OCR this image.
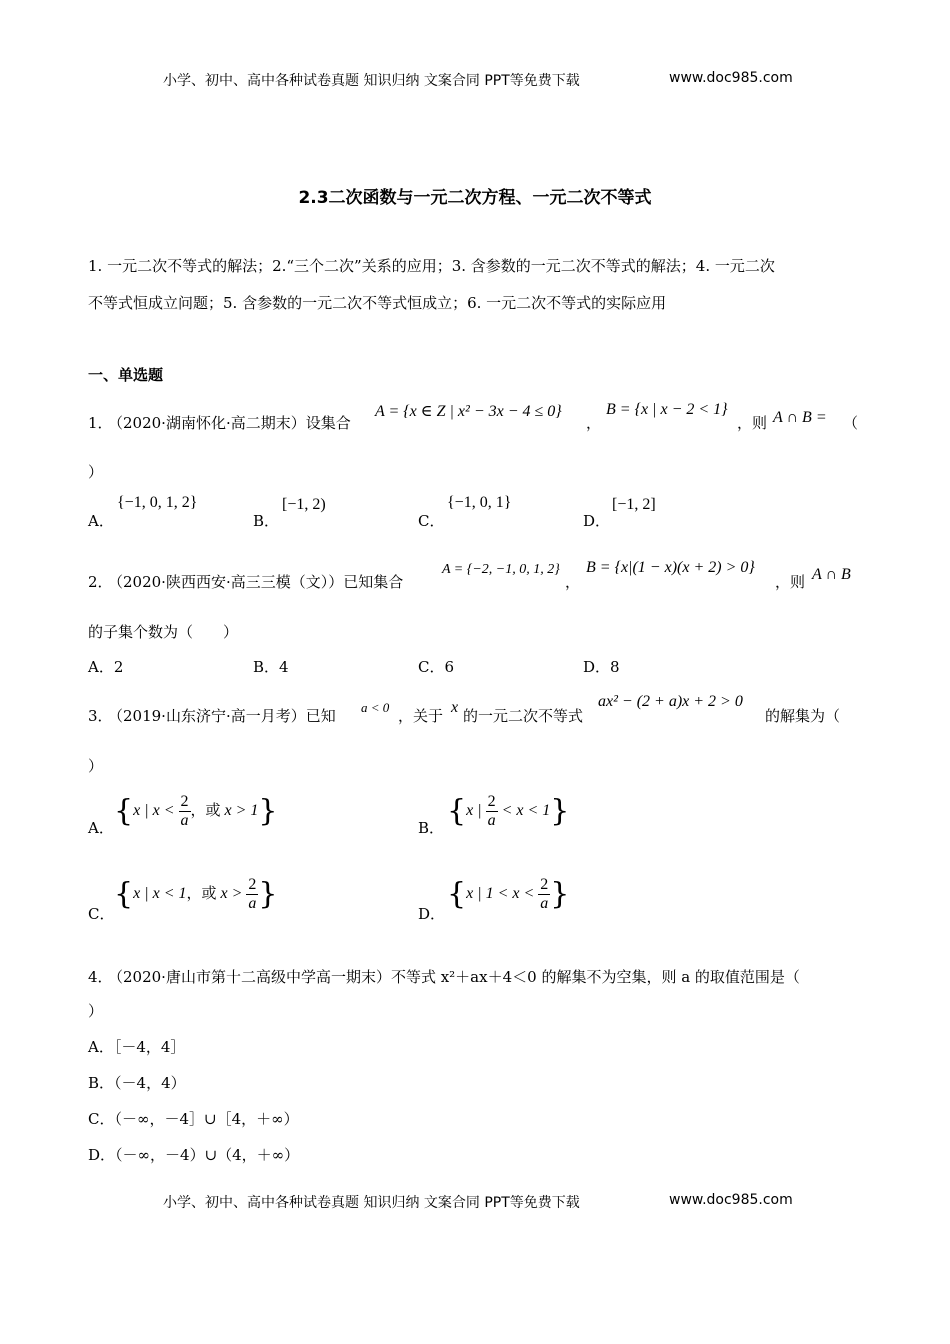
小学、初中、高中各种试卷真题 知识归纳 文案合同 PPT等免费下载	www.doc985.com
2.3二次函数与一元二次方程、一元二次不等式
1. 一元二次不等式的解法；2.“三个二次”关系的应用；3. 含参数的一元二次不等式的解法；4. 一元二次
不等式恒成立问题；5. 含参数的一元二次不等式恒成立；6. 一元二次不等式的实际应用
一、单选题
1．
（2020·湖南怀化·高二期末）设集合
A = {x ∈ Z | x² − 3x − 4 ≤ 0}
，
B = {x | x − 2 < 1}
，则 A ∩ B = （
）
A．
{−1, 0, 1, 2}
B．
[−1, 2)
C．
{−1, 0, 1}
D．
[−1, 2]
2．
（2020·陕西西安·高三三模（文））已知集合
A = {−2, −1, 0, 1, 2}
，
B = {x|(1 − x)(x + 2) > 0}
，则 A ∩ B
的子集个数为（　　）
A．2	B．4	C．6	D．8
3．
（2019·山东济宁·高一月考）已知 a < 0 ，关于 x 的一元二次不等式
ax² − (2 + a)x + 2 > 0
的解集为（
）
A． {x | $x < \frac{2}{a}$ ，或 x > 1}	B． {x | $\frac{2}{a} < x < 1$}
C．
{x | x < 1，或 $x > \frac{2}{a}$ }
D．
{x | $1 < x < \frac{2}{a}$ }
4．
（2020·唐山市第十二高级中学高一期末）不等式 x²＋ax＋4＜0 的解集不为空集，则 a 的取值范围是（
）
A．［－4，4］
B．（－4，4）
C．（－∞，－4］∪［4，＋∞）
D．（－∞，－4）∪（4，＋∞）
小学、初中、高中各种试卷真题 知识归纳 文案合同 PPT等免费下载	www.doc985.com
